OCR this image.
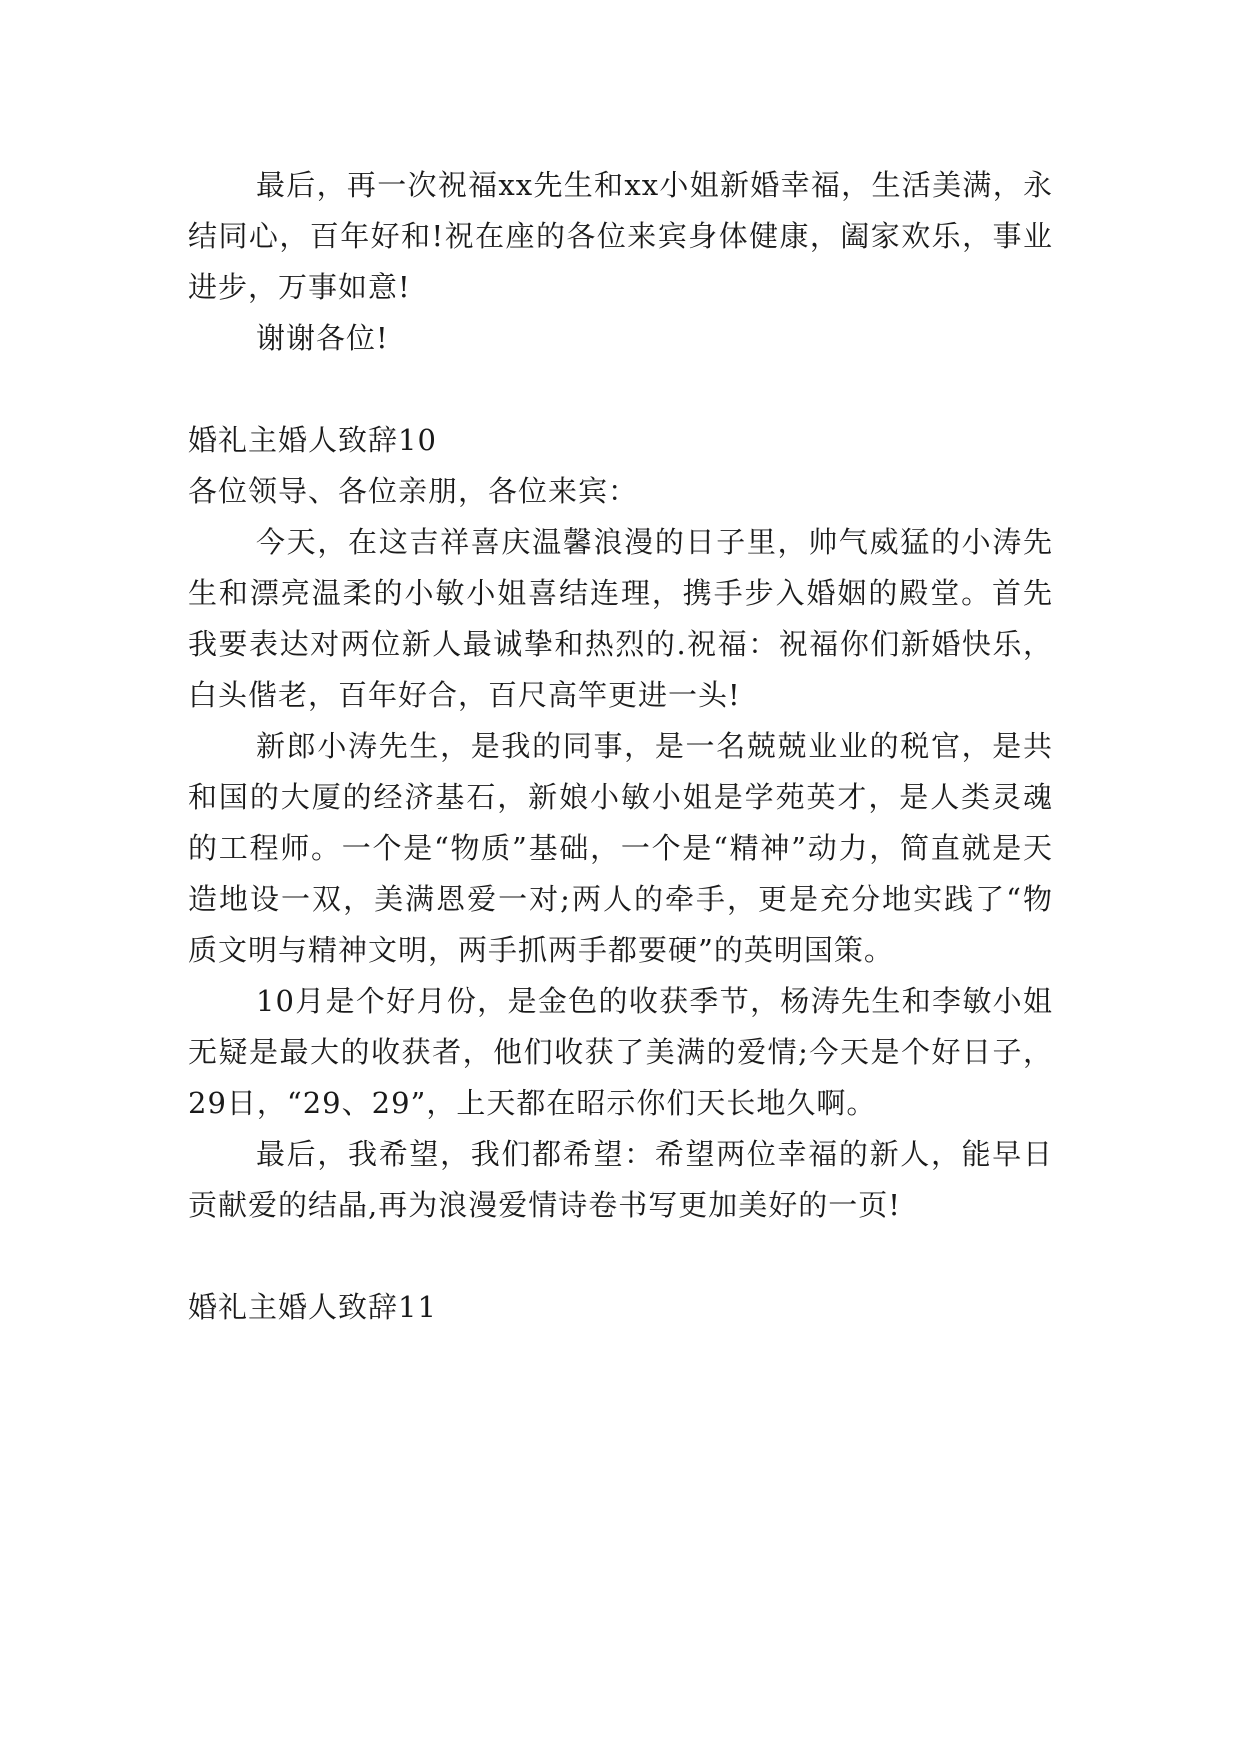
最后，再一次祝福xx先生和xx小姐新婚幸福，生活美满，永结同心，百年好和!祝在座的各位来宾身体健康，阖家欢乐，事业进步，万事如意!

谢谢各位!

婚礼主婚人致辞10

各位领导、各位亲朋，各位来宾：

今天，在这吉祥喜庆温馨浪漫的日子里，帅气威猛的小涛先生和漂亮温柔的小敏小姐喜结连理，携手步入婚姻的殿堂。首先我要表达对两位新人最诚挚和热烈的.祝福：祝福你们新婚快乐，白头偕老，百年好合，百尺高竿更进一头!

新郎小涛先生，是我的同事，是一名兢兢业业的税官，是共和国的大厦的经济基石，新娘小敏小姐是学苑英才，是人类灵魂的工程师。一个是“物质”基础，一个是“精神”动力，简直就是天造地设一双，美满恩爱一对;两人的牵手，更是充分地实践了“物质文明与精神文明，两手抓两手都要硬”的英明国策。

10月是个好月份，是金色的收获季节，杨涛先生和李敏小姐无疑是最大的收获者，他们收获了美满的爱情;今天是个好日子，29日，“29、29”，上天都在昭示你们天长地久啊。

最后，我希望，我们都希望：希望两位幸福的新人，能早日贡献爱的结晶,再为浪漫爱情诗卷书写更加美好的一页!

婚礼主婚人致辞11
